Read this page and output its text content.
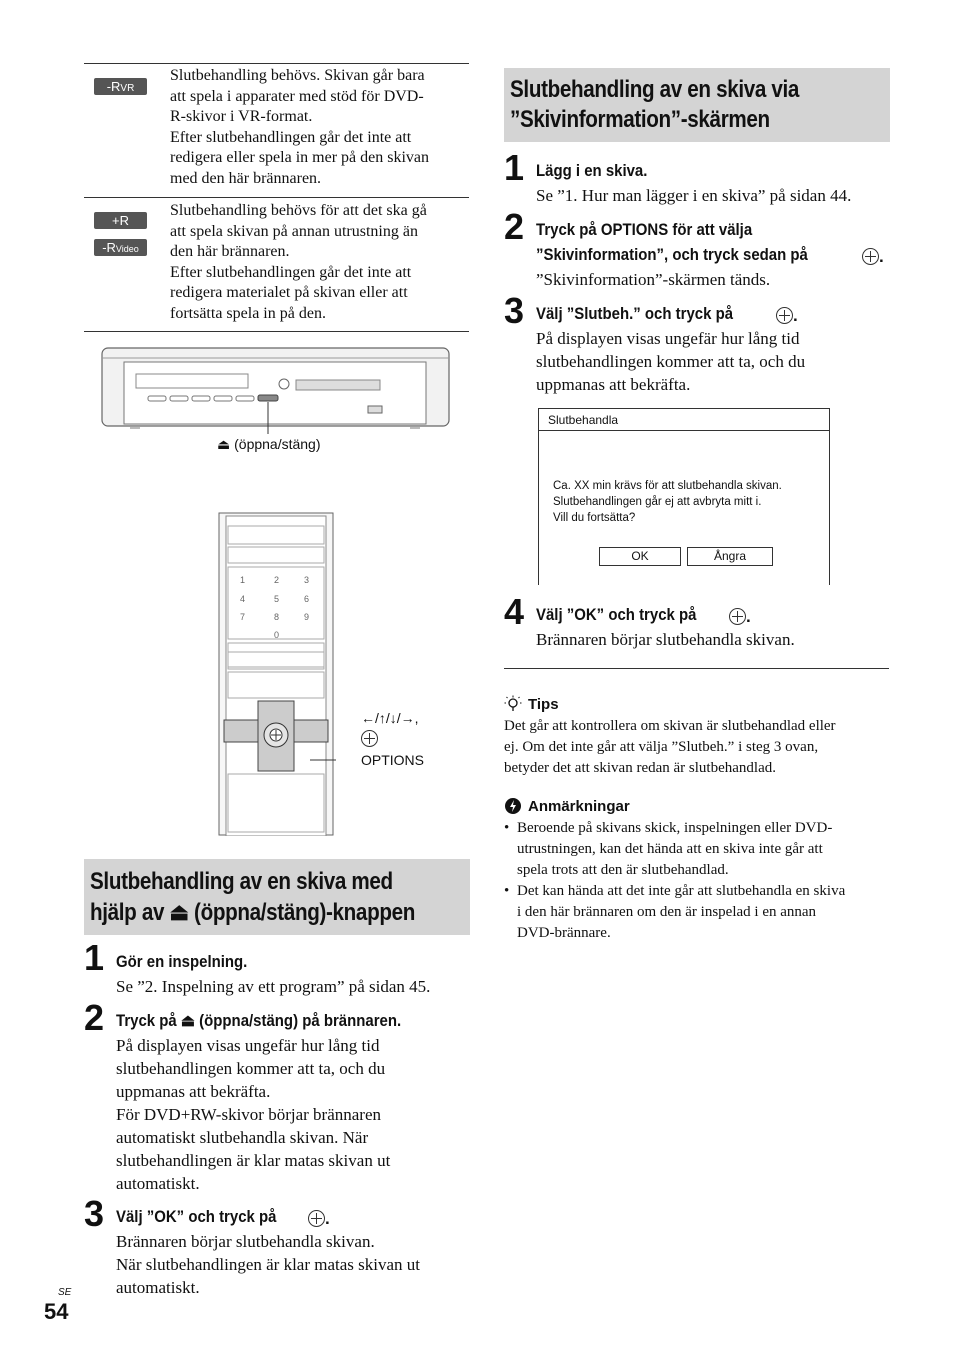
-RVR
Slutbehandling behövs. Skivan går bara
att spela i apparater med stöd för DVD-
R-skivor i VR-format.
Efter slutbehandlingen går det inte att
redigera eller spela in mer på den skivan
med den här brännaren.
+R
-RVideo
Slutbehandling behövs för att det ska gå
att spela skivan på annan utrustning än
den här brännaren.
Efter slutbehandlingen går det inte att
redigera materialet på skivan eller att
fortsätta spela in på den.
⏏ (öppna/stäng)
1	2	3
4	5	6
7	8	9
0
←/↑/↓/→,
OPTIONS
Slutbehandling av en skiva med
hjälp av ⏏ (öppna/stäng)-knappen
1 Gör en inspelning.
Se ”2. Inspelning av ett program” på sidan 45.
2 Tryck på ⏏ (öppna/stäng) på brännaren.
På displayen visas ungefär hur lång tid
slutbehandlingen kommer att ta, och du
uppmanas att bekräfta.
För DVD+RW-skivor börjar brännaren
automatiskt slutbehandla skivan. När
slutbehandlingen är klar matas skivan ut
automatiskt.
3 Välj ”OK” och tryck på	.
Brännaren börjar slutbehandla skivan.
När slutbehandlingen är klar matas skivan ut
automatiskt.
Slutbehandling av en skiva via
”Skivinformation”-skärmen
1 Lägg i en skiva.
Se ”1. Hur man lägger i en skiva” på sidan 44.
2 Tryck på OPTIONS för att välja
”Skivinformation”, och tryck sedan på	.
”Skivinformation”-skärmen tänds.
3 Välj ”Slutbeh.” och tryck på	.
På displayen visas ungefär hur lång tid
slutbehandlingen kommer att ta, och du
uppmanas att bekräfta.
Slutbehandla
Ca. XX min krävs för att slutbehandla skivan.
Slutbehandlingen går ej att avbryta mitt i.
Vill du fortsätta?
OK	Ångra
4 Välj ”OK” och tryck på	.
Brännaren börjar slutbehandla skivan.
Tips
Det går att kontrollera om skivan är slutbehandlad eller
ej. Om det inte går att välja ”Slutbeh.” i steg 3 ovan,
betyder det att skivan redan är slutbehandlad.
Anmärkningar
• Beroende på skivans skick, inspelningen eller DVD-
utrustningen, kan det hända att en skiva inte går att
spela trots att den är slutbehandlad.
• Det kan hända att det inte går att slutbehandla en skiva
i den här brännaren om den är inspelad i en annan
DVD-brännare.
SE
54
